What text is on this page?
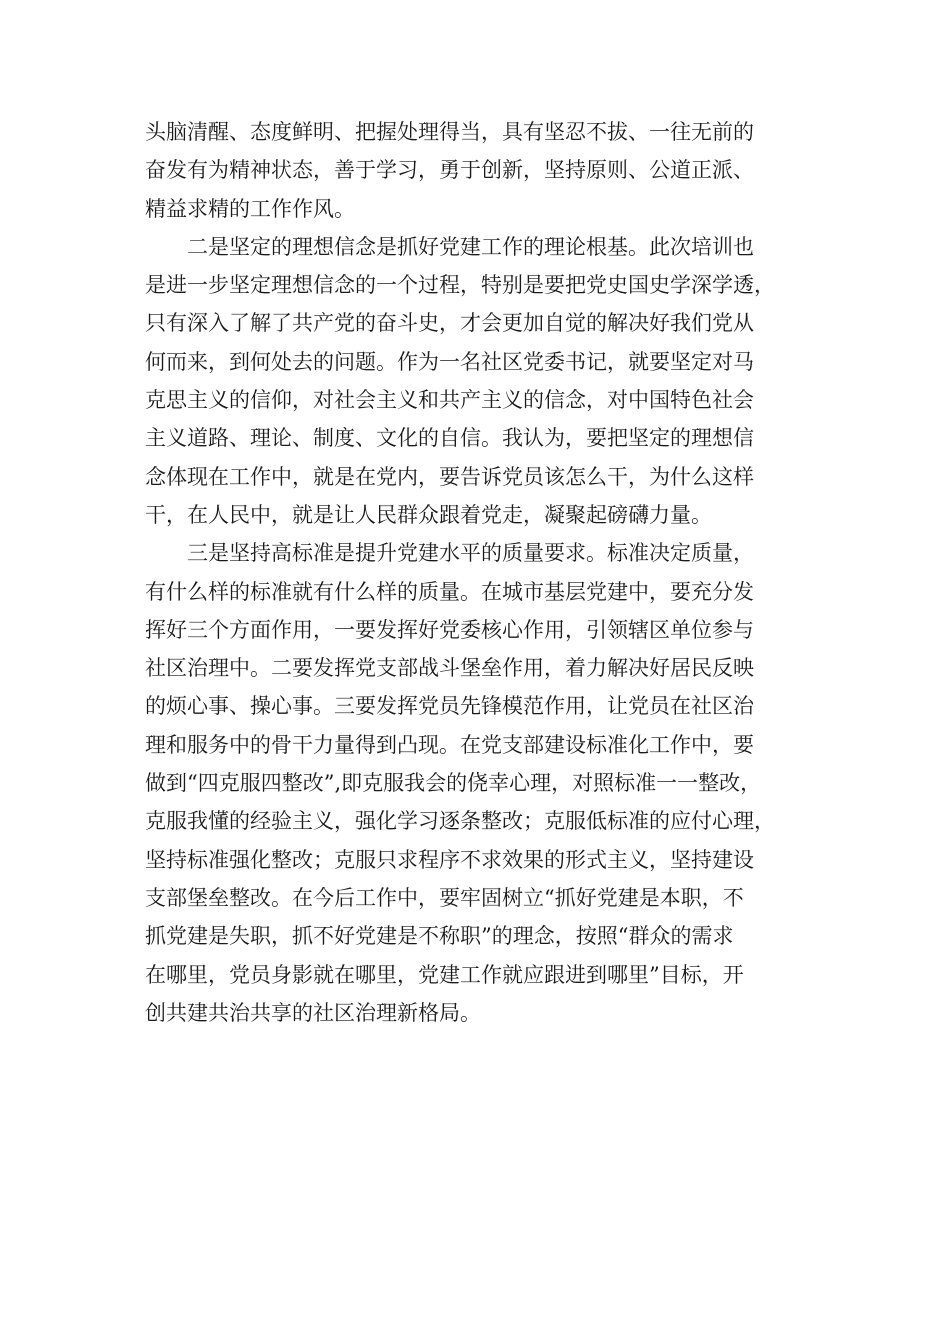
头脑清醒、态度鲜明、把握处理得当，具有坚忍不拔、一往无前的
奋发有为精神状态，善于学习，勇于创新，坚持原则、公道正派、
精益求精的工作作风。
　　二是坚定的理想信念是抓好党建工作的理论根基。此次培训也
是进一步坚定理想信念的一个过程，特别是要把党史国史学深学透，
只有深入了解了共产党的奋斗史，才会更加自觉的解决好我们党从
何而来，到何处去的问题。作为一名社区党委书记，就要坚定对马
克思主义的信仰，对社会主义和共产主义的信念，对中国特色社会
主义道路、理论、制度、文化的自信。我认为，要把坚定的理想信
念体现在工作中，就是在党内，要告诉党员该怎么干，为什么这样
干，在人民中，就是让人民群众跟着党走，凝聚起磅礴力量。
　　三是坚持高标准是提升党建水平的质量要求。标准决定质量，
有什么样的标准就有什么样的质量。在城市基层党建中，要充分发
挥好三个方面作用，一要发挥好党委核心作用，引领辖区单位参与
社区治理中。二要发挥党支部战斗堡垒作用，着力解决好居民反映
的烦心事、操心事。三要发挥党员先锋模范作用，让党员在社区治
理和服务中的骨干力量得到凸现。在党支部建设标准化工作中，要
做到“四克服四整改”,即克服我会的侥幸心理，对照标准一一整改，
克服我懂的经验主义，强化学习逐条整改；克服低标准的应付心理，
坚持标准强化整改；克服只求程序不求效果的形式主义，坚持建设
支部堡垒整改。在今后工作中，要牢固树立“抓好党建是本职，不
抓党建是失职，抓不好党建是不称职”的理念，按照“群众的需求
在哪里，党员身影就在哪里，党建工作就应跟进到哪里”目标，开
创共建共治共享的社区治理新格局。
